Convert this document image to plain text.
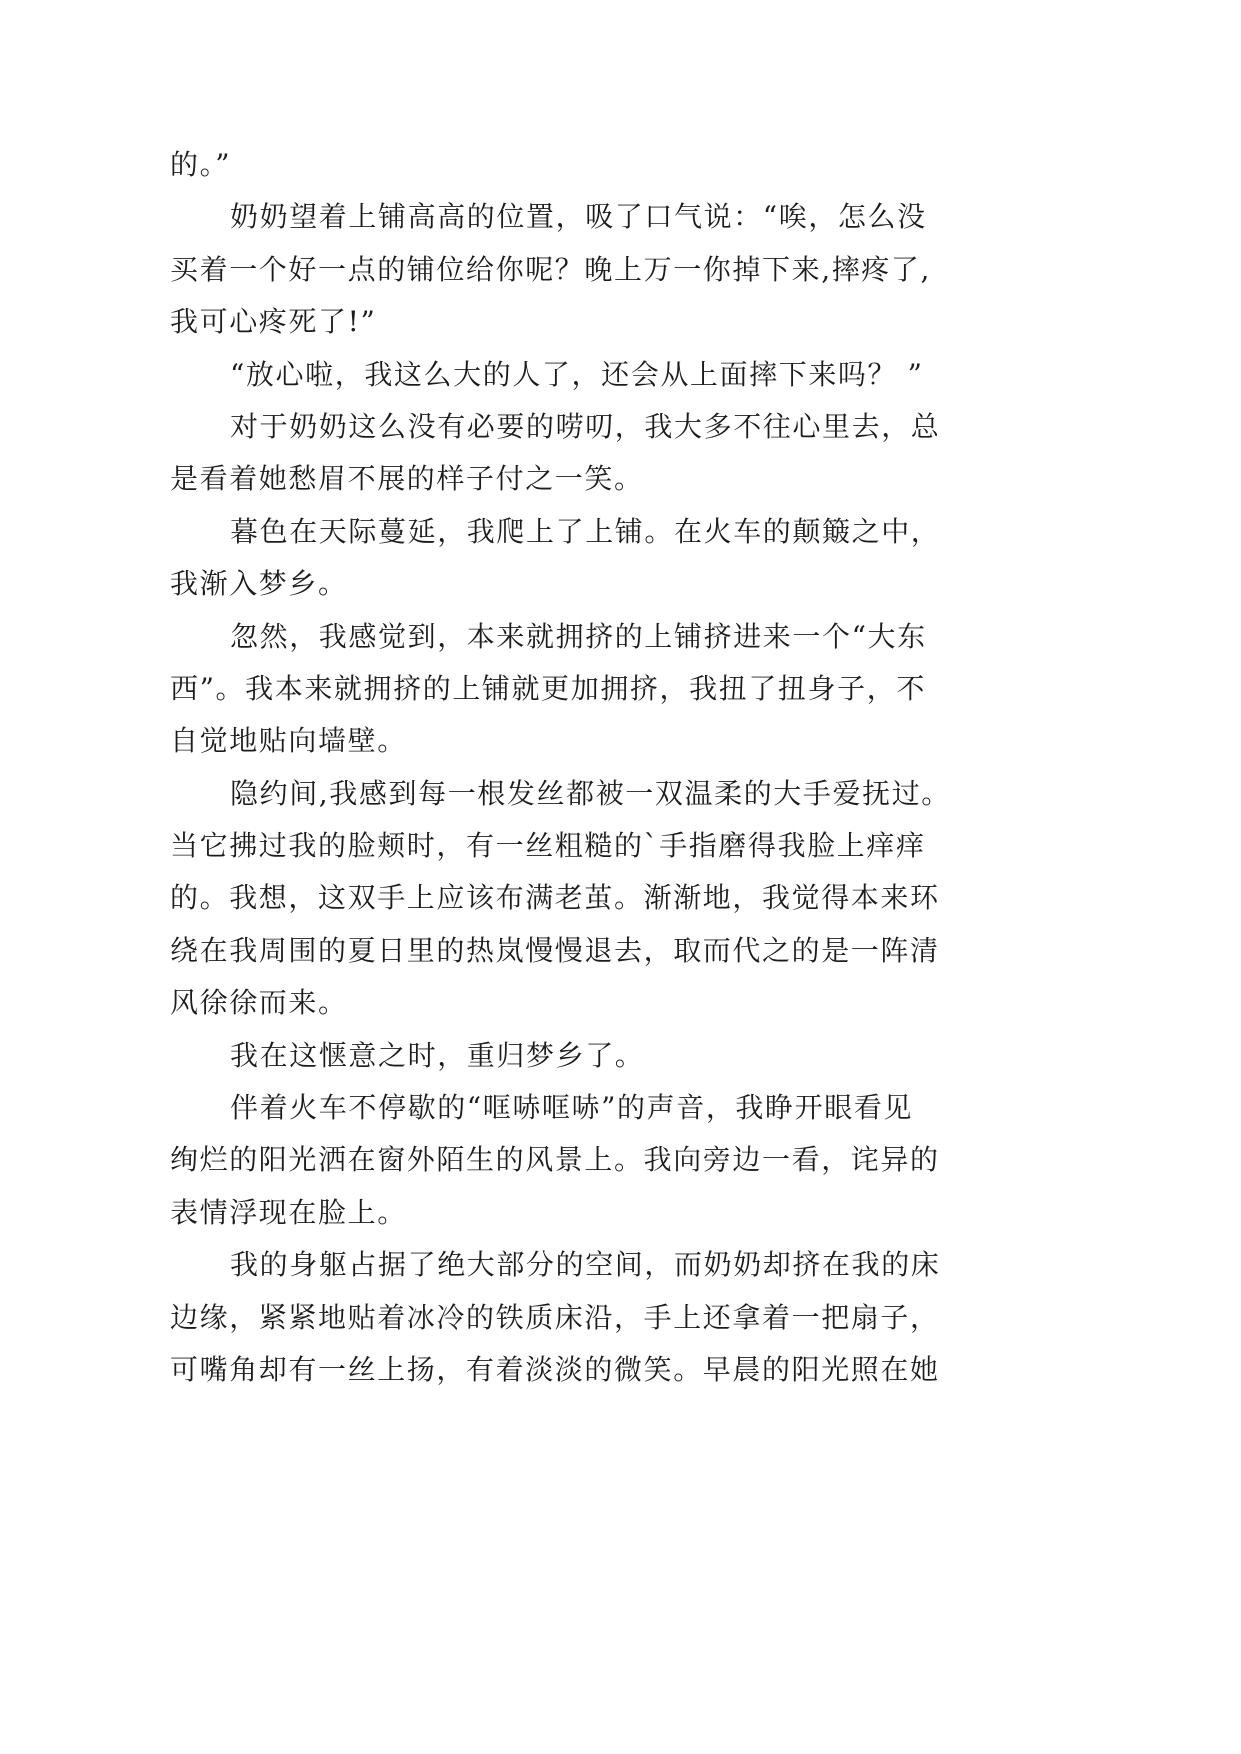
的。”
奶奶望着上铺高高的位置，吸了口气说：“唉，怎么没
买着一个好一点的铺位给你呢？晚上万一你掉下来,摔疼了,
我可心疼死了!”
“放心啦，我这么大的人了，还会从上面摔下来吗？ ”
对于奶奶这么没有必要的唠叨，我大多不往心里去，总
是看着她愁眉不展的样子付之一笑。
暮色在天际蔓延，我爬上了上铺。在火车的颠簸之中，
我渐入梦乡。
忽然，我感觉到，本来就拥挤的上铺挤进来一个“大东
西”。我本来就拥挤的上铺就更加拥挤，我扭了扭身子，不
自觉地贴向墙壁。
隐约间,我感到每一根发丝都被一双温柔的大手爱抚过。
当它拂过我的脸颊时，有一丝粗糙的`手指磨得我脸上痒痒
的。我想，这双手上应该布满老茧。渐渐地，我觉得本来环
绕在我周围的夏日里的热岚慢慢退去，取而代之的是一阵清
风徐徐而来。
我在这惬意之时，重归梦乡了。
伴着火车不停歇的“哐哧哐哧”的声音，我睁开眼看见
绚烂的阳光洒在窗外陌生的风景上。我向旁边一看，诧异的
表情浮现在脸上。
我的身躯占据了绝大部分的空间，而奶奶却挤在我的床
边缘，紧紧地贴着冰冷的铁质床沿，手上还拿着一把扇子，
可嘴角却有一丝上扬，有着淡淡的微笑。早晨的阳光照在她
